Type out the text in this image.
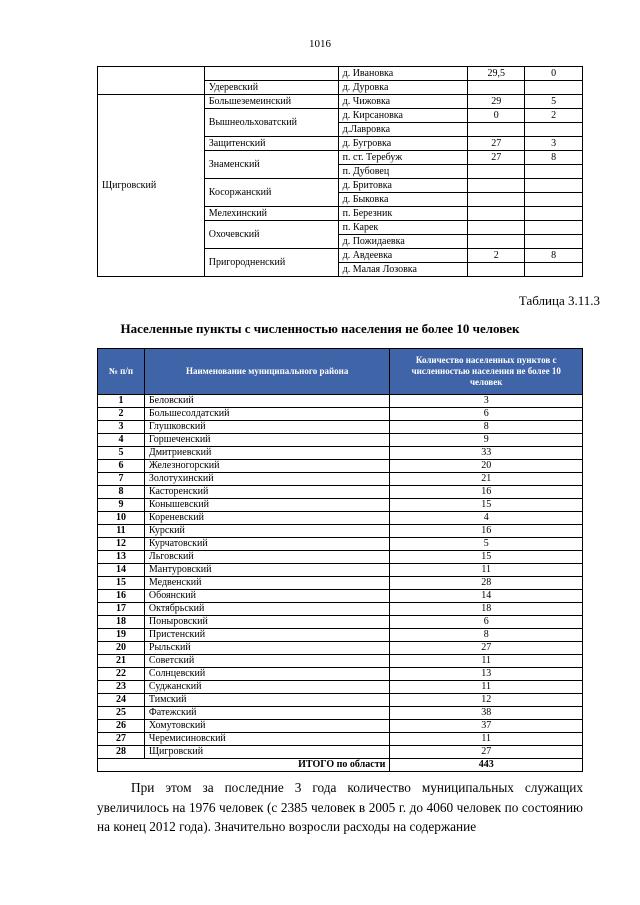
1016
		д. Ивановка	29,5	0
	Удеревский	д. Дуровка		
Щигровский	Большеземеинский	д. Чижовка	29	5
	Вышнеольховатский	д. Кирсановка	0	2
		д.Лавровка		
	Защитенский	д. Бугровка	27	3
	Знаменский	п. ст. Теребуж	27	8
		п. Дубовец		
	Косоржанский	д. Бритовка		
		д. Быковка		
	Мелехинский	п. Березник		
	Охочевский	п. Карек		
		д. Пожидаевка		
	Пригородненский	д. Авдеевка	2	8
		д. Малая Лозовка		
Таблица 3.11.3
Населенные пункты с численностью населения не более 10 человек
№ п/п	Наименование муниципального района	Количество населенных пунктов с численностью населения не более 10 человек
1	Беловский	3
2	Большесолдатский	6
3	Глушковский	8
4	Горшеченский	9
5	Дмитриевский	33
6	Железногорский	20
7	Золотухинский	21
8	Касторенский	16
9	Конышевский	15
10	Кореневский	4
11	Курский	16
12	Курчатовский	5
13	Льговский	15
14	Мантуровский	11
15	Медвенский	28
16	Обоянский	14
17	Октябрьский	18
18	Поныровский	6
19	Пристенский	8
20	Рыльский	27
21	Советский	11
22	Солнцевский	13
23	Суджанский	11
24	Тимский	12
25	Фатежский	38
26	Хомутовский	37
27	Черемисиновский	11
28	Щигровский	27
ИТОГО по области		443

При этом за последние 3 года количество муниципальных служащих увеличилось на 1976 человек (с 2385 человек в 2005 г. до 4060 человек по состоянию на конец 2012 года). Значительно возросли расходы на содержание
